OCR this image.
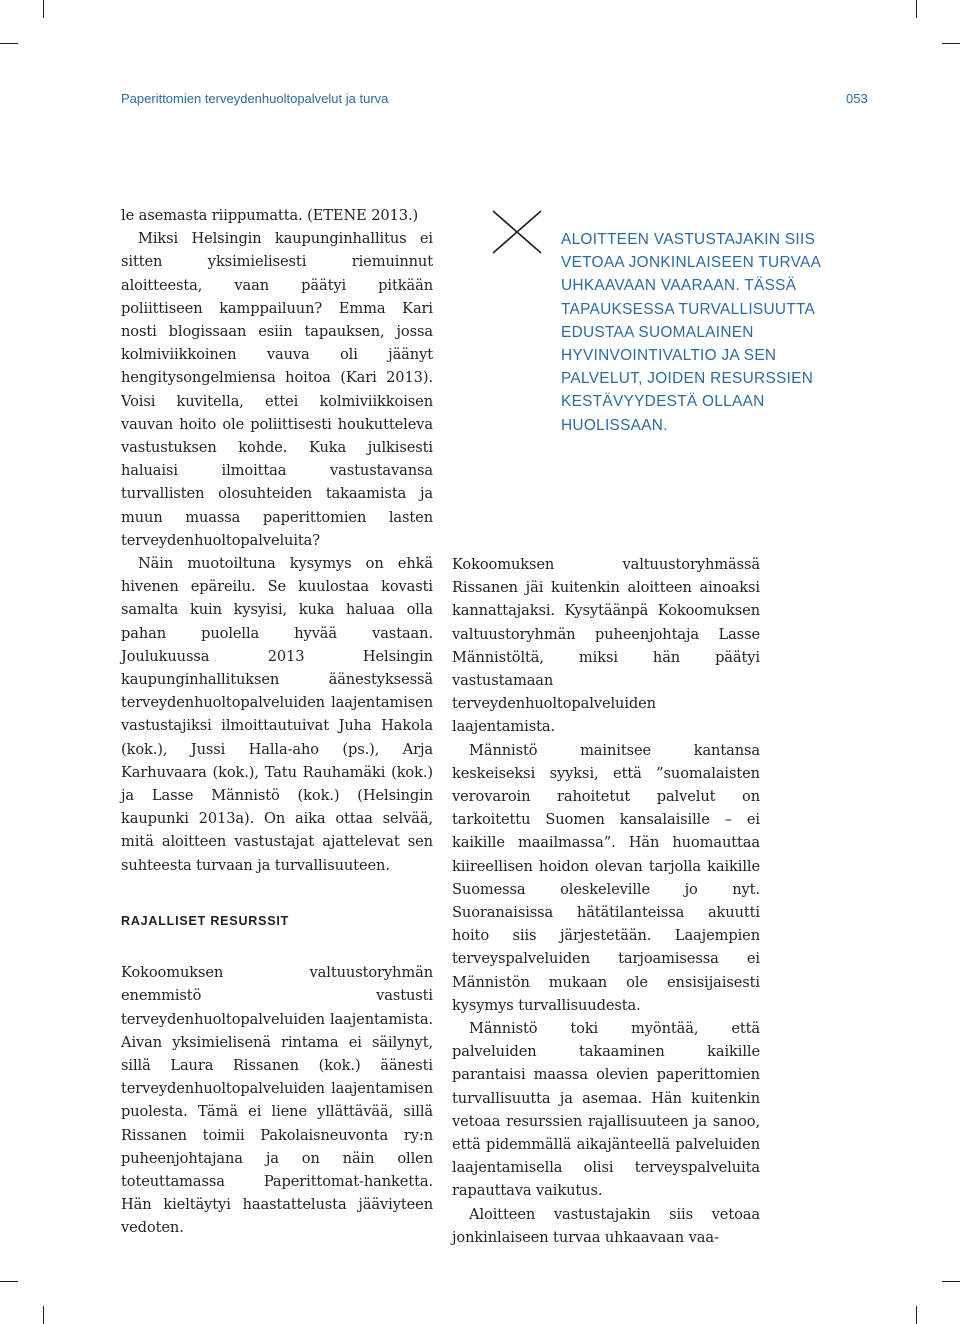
Paperittomien terveydenhuoltopalvelut ja turva	053

le asemasta riippumatta. (ETENE 2013.)

Miksi Helsingin kaupunginhallitus ei sitten yksimielisesti riemuinnut aloitteesta, vaan päätyi pitkään poliittiseen kamppailuun? Emma Kari nosti blogissaan esiin tapauksen, jossa kolmiviikkoinen vauva oli jäänyt hengitysongelmiensa hoitoa (Kari 2013). Voisi kuvitella, ettei kolmiviikkoisen vauvan hoito ole poliittisesti houkutteleva vastustuksen kohde. Kuka julkisesti haluaisi ilmoittaa vastustavansa turvallisten olosuhteiden takaamista ja muun muassa paperittomien lasten terveydenhuoltopalveluita?

Näin muotoiltuna kysymys on ehkä hivenen epäreilu. Se kuulostaa kovasti samalta kuin kysyisi, kuka haluaa olla pahan puolella hyvää vastaan. Joulukuussa 2013 Helsingin kaupunginhallituksen äänestyksessä terveydenhuoltopalveluiden laajentamisen vastustajiksi ilmoittautuivat Juha Hakola (kok.), Jussi Halla-aho (ps.), Arja Karhuvaara (kok.), Tatu Rauhamäki (kok.) ja Lasse Männistö (kok.) (Helsingin kaupunki 2013a). On aika ottaa selvää, mitä aloitteen vastustajat ajattelevat sen suhteesta turvaan ja turvallisuuteen.

RAJALLISET RESURSSIT

Kokoomuksen valtuustoryhmän enemmistö vastusti terveydenhuoltopalveluiden laajentamista. Aivan yksimielisenä rintama ei säilynyt, sillä Laura Rissanen (kok.) äänesti terveydenhuoltopalveluiden laajentamisen puolesta. Tämä ei liene yllättävää, sillä Rissanen toimii Pakolaisneuvonta ry:n puheenjohtajana ja on näin ollen toteuttamassa Paperittomat-hanketta. Hän kieltäytyi haastattelusta jääviyteen vedoten.

ALOITTEEN VASTUSTAJAKIN SIIS VETOAA JONKINLAISEEN TURVAA UHKAAVAAN VAARAAN. TÄSSÄ TAPAUKSESSA TURVALLISUUTTA EDUSTAA SUOMALAINEN HYVINVOINTIVALTIO JA SEN PALVELUT, JOIDEN RESURSSIEN KESTÄVYYDESTÄ OLLAAN HUOLISSAAN.

Kokoomuksen valtuustoryhmässä Rissanen jäi kuitenkin aloitteen ainoaksi kannattajaksi. Kysytäänpä Kokoomuksen valtuustoryhmän puheenjohtaja Lasse Männistöltä, miksi hän päätyi vastustamaan terveydenhuoltopalveluiden laajentamista.

Männistö mainitsee kantansa keskeiseksi syyksi, että ”suomalaisten verovaroin rahoitetut palvelut on tarkoitettu Suomen kansalaisille – ei kaikille maailmassa”. Hän huomauttaa kiireellisen hoidon olevan tarjolla kaikille Suomessa oleskeleville jo nyt. Suoranaisissa hätätilanteissa akuutti hoito siis järjestetään. Laajempien terveyspalveluiden tarjoamisessa ei Männistön mukaan ole ensisijaisesti kysymys turvallisuudesta.

Männistö toki myöntää, että palveluiden takaaminen kaikille parantaisi maassa olevien paperittomien turvallisuutta ja asemaa. Hän kuitenkin vetoaa resurssien rajallisuuteen ja sanoo, että pidemmällä aikajänteellä palveluiden laajentamisella olisi terveyspalveluita rapauttava vaikutus.

Aloitteen vastustajakin siis vetoaa jonkinlaiseen turvaa uhkaavaan vaa-
